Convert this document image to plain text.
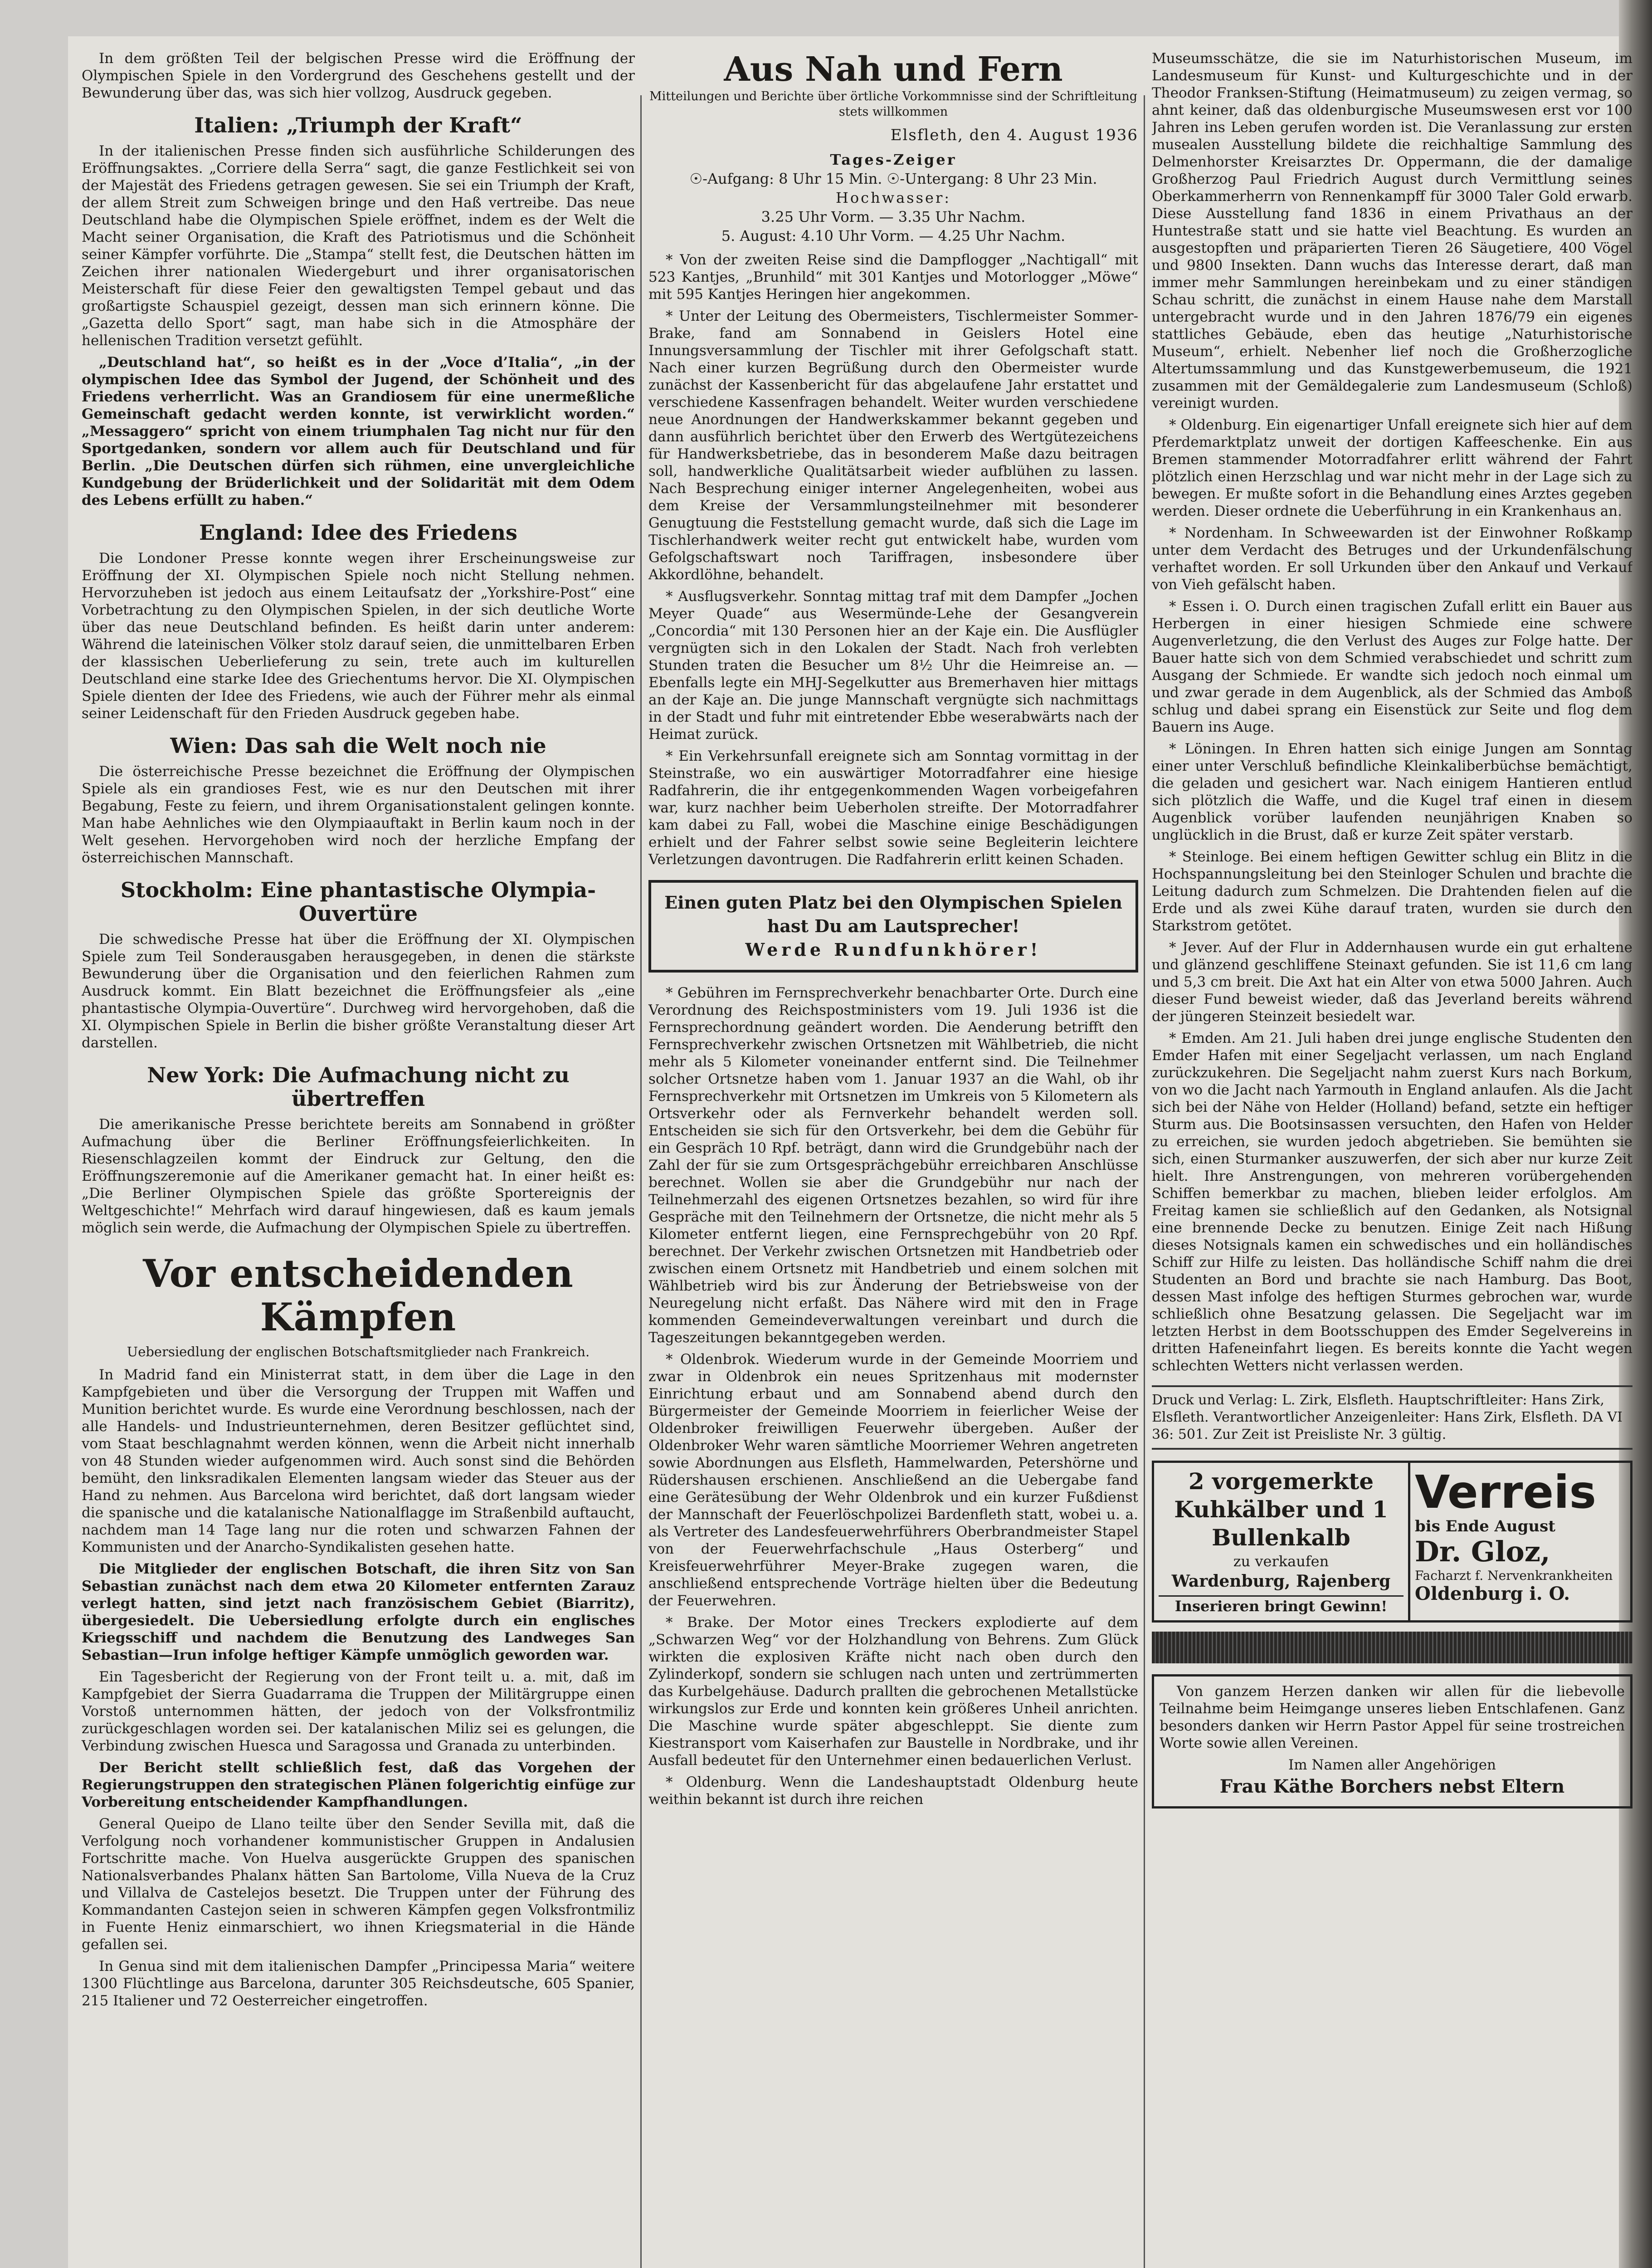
In dem größten Teil der belgischen Presse wird die Eröffnung der Olympischen Spiele in den Vordergrund des Geschehens gestellt und der Bewunderung über das, was sich hier vollzog, Ausdruck gegeben.

Italien: „Triumph der Kraft“

In der italienischen Presse finden sich ausführliche Schilderungen des Eröffnungsaktes. „Corriere della Serra“ sagt, die ganze Festlichkeit sei von der Majestät des Friedens getragen gewesen. Sie sei ein Triumph der Kraft, der allem Streit zum Schweigen bringe und den Haß vertreibe. Das neue Deutschland habe die Olympischen Spiele eröffnet, indem es der Welt die Macht seiner Organisation, die Kraft des Patriotismus und die Schönheit seiner Kämpfer vorführte. Die „Stampa“ stellt fest, die Deutschen hätten im Zeichen ihrer nationalen Wiedergeburt und ihrer organisatorischen Meisterschaft für diese Feier den gewaltigsten Tempel gebaut und das großartigste Schauspiel gezeigt, dessen man sich erinnern könne. Die „Gazetta dello Sport“ sagt, man habe sich in die Atmosphäre der hellenischen Tradition versetzt gefühlt.

„Deutschland hat“, so heißt es in der „Voce d’Italia“, „in der olympischen Idee das Symbol der Jugend, der Schönheit und des Friedens verherrlicht. Was an Grandiosem für eine unermeßliche Gemeinschaft gedacht werden konnte, ist verwirklicht worden.“ „Messaggero“ spricht von einem triumphalen Tag nicht nur für den Sportgedanken, sondern vor allem auch für Deutschland und für Berlin. „Die Deutschen dürfen sich rühmen, eine unvergleichliche Kundgebung der Brüderlichkeit und der Solidarität mit dem Odem des Lebens erfüllt zu haben.“

England: Idee des Friedens

Die Londoner Presse konnte wegen ihrer Erscheinungsweise zur Eröffnung der XI. Olympischen Spiele noch nicht Stellung nehmen. Hervorzuheben ist jedoch aus einem Leitaufsatz der „Yorkshire-Post“ eine Vorbetrachtung zu den Olympischen Spielen, in der sich deutliche Worte über das neue Deutschland befinden. Es heißt darin unter anderem: Während die lateinischen Völker stolz darauf seien, die unmittelbaren Erben der klassischen Ueberlieferung zu sein, trete auch im kulturellen Deutschland eine starke Idee des Griechentums hervor. Die XI. Olympischen Spiele dienten der Idee des Friedens, wie auch der Führer mehr als einmal seiner Leidenschaft für den Frieden Ausdruck gegeben habe.

Wien: Das sah die Welt noch nie

Die österreichische Presse bezeichnet die Eröffnung der Olympischen Spiele als ein grandioses Fest, wie es nur den Deutschen mit ihrer Begabung, Feste zu feiern, und ihrem Organisationstalent gelingen konnte. Man habe Aehnliches wie den Olympiaauftakt in Berlin kaum noch in der Welt gesehen. Hervorgehoben wird noch der herzliche Empfang der österreichischen Mannschaft.

Stockholm: Eine phantastische Olympia-Ouvertüre

Die schwedische Presse hat über die Eröffnung der XI. Olympischen Spiele zum Teil Sonderausgaben herausgegeben, in denen die stärkste Bewunderung über die Organisation und den feierlichen Rahmen zum Ausdruck kommt. Ein Blatt bezeichnet die Eröffnungsfeier als „eine phantastische Olympia-Ouvertüre“. Durchweg wird hervorgehoben, daß die XI. Olympischen Spiele in Berlin die bisher größte Veranstaltung dieser Art darstellen.

New York: Die Aufmachung nicht zu übertreffen

Die amerikanische Presse berichtete bereits am Sonnabend in größter Aufmachung über die Berliner Eröffnungsfeierlichkeiten. In Riesenschlagzeilen kommt der Eindruck zur Geltung, den die Eröffnungszeremonie auf die Amerikaner gemacht hat. In einer heißt es: „Die Berliner Olympischen Spiele das größte Sportereignis der Weltgeschichte!“ Mehrfach wird darauf hingewiesen, daß es kaum jemals möglich sein werde, die Aufmachung der Olympischen Spiele zu übertreffen.

Vor entscheidenden Kämpfen
Uebersiedlung der englischen Botschaftsmitglieder nach Frankreich.

In Madrid fand ein Ministerrat statt, in dem über die Lage in den Kampfgebieten und über die Versorgung der Truppen mit Waffen und Munition berichtet wurde. Es wurde eine Verordnung beschlossen, nach der alle Handels- und Industrieunternehmen, deren Besitzer geflüchtet sind, vom Staat beschlagnahmt werden können, wenn die Arbeit nicht innerhalb von 48 Stunden wieder aufgenommen wird. Auch sonst sind die Behörden bemüht, den linksradikalen Elementen langsam wieder das Steuer aus der Hand zu nehmen. Aus Barcelona wird berichtet, daß dort langsam wieder die spanische und die katalanische Nationalflagge im Straßenbild auftaucht, nachdem man 14 Tage lang nur die roten und schwarzen Fahnen der Kommunisten und der Anarcho-Syndikalisten gesehen hatte.

Die Mitglieder der englischen Botschaft, die ihren Sitz von San Sebastian zunächst nach dem etwa 20 Kilometer entfernten Zarauz verlegt hatten, sind jetzt nach französischem Gebiet (Biarritz), übergesiedelt. Die Uebersiedlung erfolgte durch ein englisches Kriegsschiff und nachdem die Benutzung des Landweges San Sebastian—Irun infolge heftiger Kämpfe unmöglich geworden war.

Ein Tagesbericht der Regierung von der Front teilt u. a. mit, daß im Kampfgebiet der Sierra Guadarrama die Truppen der Militärgruppe einen Vorstoß unternommen hätten, der jedoch von der Volksfrontmiliz zurückgeschlagen worden sei. Der katalanischen Miliz sei es gelungen, die Verbindung zwischen Huesca und Saragossa und Granada zu unterbinden.

Der Bericht stellt schließlich fest, daß das Vorgehen der Regierungstruppen den strategischen Plänen folgerichtig einfüge zur Vorbereitung entscheidender Kampfhandlungen.

General Queipo de Llano teilte über den Sender Sevilla mit, daß die Verfolgung noch vorhandener kommunistischer Gruppen in Andalusien Fortschritte mache. Von Huelva ausgerückte Gruppen des spanischen Nationalsverbandes Phalanx hätten San Bartolome, Villa Nueva de la Cruz und Villalva de Castelejos besetzt. Die Truppen unter der Führung des Kommandanten Castejon seien in schweren Kämpfen gegen Volksfrontmiliz in Fuente Heniz einmarschiert, wo ihnen Kriegsmaterial in die Hände gefallen sei.

In Genua sind mit dem italienischen Dampfer „Principessa Maria“ weitere 1300 Flüchtlinge aus Barcelona, darunter 305 Reichsdeutsche, 605 Spanier, 215 Italiener und 72 Oesterreicher eingetroffen.

Aus Nah und Fern
Mitteilungen und Berichte über örtliche Vorkommnisse sind der Schriftleitung stets willkommen
Elsfleth, den 4. August 1936
Tages-Zeiger
☉-Aufgang: 8 Uhr 15 Min. ☉-Untergang: 8 Uhr 23 Min.
Hochwasser:
3.25 Uhr Vorm. — 3.35 Uhr Nachm.
5. August: 4.10 Uhr Vorm. — 4.25 Uhr Nachm.

* Von der zweiten Reise sind die Dampflogger „Nachtigall“ mit 523 Kantjes, „Brunhild“ mit 301 Kantjes und Motorlogger „Möwe“ mit 595 Kantjes Heringen hier angekommen.

* Unter der Leitung des Obermeisters, Tischlermeister Sommer-Brake, fand am Sonnabend in Geislers Hotel eine Innungsversammlung der Tischler mit ihrer Gefolgschaft statt. Nach einer kurzen Begrüßung durch den Obermeister wurde zunächst der Kassenbericht für das abgelaufene Jahr erstattet und verschiedene Kassenfragen behandelt. Weiter wurden verschiedene neue Anordnungen der Handwerkskammer bekannt gegeben und dann ausführlich berichtet über den Erwerb des Wertgütezeichens für Handwerksbetriebe, das in besonderem Maße dazu beitragen soll, handwerkliche Qualitätsarbeit wieder aufblühen zu lassen. Nach Besprechung einiger interner Angelegenheiten, wobei aus dem Kreise der Versammlungsteilnehmer mit besonderer Genugtuung die Feststellung gemacht wurde, daß sich die Lage im Tischlerhandwerk weiter recht gut entwickelt habe, wurden vom Gefolgschaftswart noch Tariffragen, insbesondere über Akkordlöhne, behandelt.

* Ausflugsverkehr. Sonntag mittag traf mit dem Dampfer „Jochen Meyer Quade“ aus Wesermünde-Lehe der Gesangverein „Concordia“ mit 130 Personen hier an der Kaje ein. Die Ausflügler vergnügten sich in den Lokalen der Stadt. Nach froh verlebten Stunden traten die Besucher um 8½ Uhr die Heimreise an. — Ebenfalls legte ein MHJ-Segelkutter aus Bremerhaven hier mittags an der Kaje an. Die junge Mannschaft vergnügte sich nachmittags in der Stadt und fuhr mit eintretender Ebbe weserabwärts nach der Heimat zurück.

* Ein Verkehrsunfall ereignete sich am Sonntag vormittag in der Steinstraße, wo ein auswärtiger Motorradfahrer eine hiesige Radfahrerin, die ihr entgegenkommenden Wagen vorbeigefahren war, kurz nachher beim Ueberholen streifte. Der Motorradfahrer kam dabei zu Fall, wobei die Maschine einige Beschädigungen erhielt und der Fahrer selbst sowie seine Begleiterin leichtere Verletzungen davontrugen. Die Radfahrerin erlitt keinen Schaden.

Einen guten Platz bei den Olympischen Spielen hast Du am Lautsprecher!
Werde Rundfunkhörer!

* Gebühren im Fernsprechverkehr benachbarter Orte. Durch eine Verordnung des Reichspostministers vom 19. Juli 1936 ist die Fernsprechordnung geändert worden. Die Aenderung betrifft den Fernsprechverkehr zwischen Ortsnetzen mit Wählbetrieb, die nicht mehr als 5 Kilometer voneinander entfernt sind. Die Teilnehmer solcher Ortsnetze haben vom 1. Januar 1937 an die Wahl, ob ihr Fernsprechverkehr mit Ortsnetzen im Umkreis von 5 Kilometern als Ortsverkehr oder als Fernverkehr behandelt werden soll. Entscheiden sie sich für den Ortsverkehr, bei dem die Gebühr für ein Gespräch 10 Rpf. beträgt, dann wird die Grundgebühr nach der Zahl der für sie zum Ortsgesprächgebühr erreichbaren Anschlüsse berechnet. Wollen sie aber die Grundgebühr nur nach der Teilnehmerzahl des eigenen Ortsnetzes bezahlen, so wird für ihre Gespräche mit den Teilnehmern der Ortsnetze, die nicht mehr als 5 Kilometer entfernt liegen, eine Fernsprechgebühr von 20 Rpf. berechnet. Der Verkehr zwischen Ortsnetzen mit Handbetrieb oder zwischen einem Ortsnetz mit Handbetrieb und einem solchen mit Wählbetrieb wird bis zur Änderung der Betriebsweise von der Neuregelung nicht erfaßt. Das Nähere wird mit den in Frage kommenden Gemeindeverwaltungen vereinbart und durch die Tageszeitungen bekanntgegeben werden.

* Oldenbrok. Wiederum wurde in der Gemeinde Moorriem und zwar in Oldenbrok ein neues Spritzenhaus mit modernster Einrichtung erbaut und am Sonnabend abend durch den Bürgermeister der Gemeinde Moorriem in feierlicher Weise der Oldenbroker freiwilligen Feuerwehr übergeben. Außer der Oldenbroker Wehr waren sämtliche Moorriemer Wehren angetreten sowie Abordnungen aus Elsfleth, Hammelwarden, Petershörne und Rüdershausen erschienen. Anschließend an die Uebergabe fand eine Gerätesübung der Wehr Oldenbrok und ein kurzer Fußdienst der Mannschaft der Feuerlöschpolizei Bardenfleth statt, wobei u. a. als Vertreter des Landesfeuerwehrführers Oberbrandmeister Stapel von der Feuerwehrfachschule „Haus Osterberg“ und Kreisfeuerwehrführer Meyer-Brake zugegen waren, die anschließend entsprechende Vorträge hielten über die Bedeutung der Feuerwehren.

* Brake. Der Motor eines Treckers explodierte auf dem „Schwarzen Weg“ vor der Holzhandlung von Behrens. Zum Glück wirkten die explosiven Kräfte nicht nach oben durch den Zylinderkopf, sondern sie schlugen nach unten und zertrümmerten das Kurbelgehäuse. Dadurch prallten die gebrochenen Metallstücke wirkungslos zur Erde und konnten kein größeres Unheil anrichten. Die Maschine wurde später abgeschleppt. Sie diente zum Kiestransport vom Kaiserhafen zur Baustelle in Nordbrake, und ihr Ausfall bedeutet für den Unternehmer einen bedauerlichen Verlust.

* Oldenburg. Wenn die Landeshauptstadt Oldenburg heute weithin bekannt ist durch ihre reichen

Museumsschätze, die sie im Naturhistorischen Museum, im Landesmuseum für Kunst- und Kulturgeschichte und in der Theodor Franksen-Stiftung (Heimatmuseum) zu zeigen vermag, so ahnt keiner, daß das oldenburgische Museumswesen erst vor 100 Jahren ins Leben gerufen worden ist. Die Veranlassung zur ersten musealen Ausstellung bildete die reichhaltige Sammlung des Delmenhorster Kreisarztes Dr. Oppermann, die der damalige Großherzog Paul Friedrich August durch Vermittlung seines Oberkammerherrn von Rennenkampff für 3000 Taler Gold erwarb. Diese Ausstellung fand 1836 in einem Privathaus an der Huntestraße statt und sie hatte viel Beachtung. Es wurden an ausgestopften und präparierten Tieren 26 Säugetiere, 400 Vögel und 9800 Insekten. Dann wuchs das Interesse derart, daß man immer mehr Sammlungen hereinbekam und zu einer ständigen Schau schritt, die zunächst in einem Hause nahe dem Marstall untergebracht wurde und in den Jahren 1876/79 ein eigenes stattliches Gebäude, eben das heutige „Naturhistorische Museum“, erhielt. Nebenher lief noch die Großherzogliche Altertumssammlung und das Kunstgewerbemuseum, die 1921 zusammen mit der Gemäldegalerie zum Landesmuseum (Schloß) vereinigt wurden.

* Oldenburg. Ein eigenartiger Unfall ereignete sich hier auf dem Pferdemarktplatz unweit der dortigen Kaffeeschenke. Ein aus Bremen stammender Motorradfahrer erlitt während der Fahrt plötzlich einen Herzschlag und war nicht mehr in der Lage sich zu bewegen. Er mußte sofort in die Behandlung eines Arztes gegeben werden. Dieser ordnete die Ueberführung in ein Krankenhaus an.

* Nordenham. In Schweewarden ist der Einwohner Roßkamp unter dem Verdacht des Betruges und der Urkundenfälschung verhaftet worden. Er soll Urkunden über den Ankauf und Verkauf von Vieh gefälscht haben.

* Essen i. O. Durch einen tragischen Zufall erlitt ein Bauer aus Herbergen in einer hiesigen Schmiede eine schwere Augenverletzung, die den Verlust des Auges zur Folge hatte. Der Bauer hatte sich von dem Schmied verabschiedet und schritt zum Ausgang der Schmiede. Er wandte sich jedoch noch einmal um und zwar gerade in dem Augenblick, als der Schmied das Amboß schlug und dabei sprang ein Eisenstück zur Seite und flog dem Bauern ins Auge.

* Löningen. In Ehren hatten sich einige Jungen am Sonntag einer unter Verschluß befindliche Kleinkaliberbüchse bemächtigt, die geladen und gesichert war. Nach einigem Hantieren entlud sich plötzlich die Waffe, und die Kugel traf einen in diesem Augenblick vorüber laufenden neunjährigen Knaben so unglücklich in die Brust, daß er kurze Zeit später verstarb.

* Steinloge. Bei einem heftigen Gewitter schlug ein Blitz in die Hochspannungsleitung bei den Steinloger Schulen und brachte die Leitung dadurch zum Schmelzen. Die Drahtenden fielen auf die Erde und als zwei Kühe darauf traten, wurden sie durch den Starkstrom getötet.

* Jever. Auf der Flur in Addernhausen wurde ein gut erhaltene und glänzend geschliffene Steinaxt gefunden. Sie ist 11,6 cm lang und 5,3 cm breit. Die Axt hat ein Alter von etwa 5000 Jahren. Auch dieser Fund beweist wieder, daß das Jeverland bereits während der jüngeren Steinzeit besiedelt war.

* Emden. Am 21. Juli haben drei junge englische Studenten den Emder Hafen mit einer Segeljacht verlassen, um nach England zurückzukehren. Die Segeljacht nahm zuerst Kurs nach Borkum, von wo die Jacht nach Yarmouth in England anlaufen. Als die Jacht sich bei der Nähe von Helder (Holland) befand, setzte ein heftiger Sturm aus. Die Bootsinsassen versuchten, den Hafen von Helder zu erreichen, sie wurden jedoch abgetrieben. Sie bemühten sie sich, einen Sturmanker auszuwerfen, der sich aber nur kurze Zeit hielt. Ihre Anstrengungen, von mehreren vorübergehenden Schiffen bemerkbar zu machen, blieben leider erfolglos. Am Freitag kamen sie schließlich auf den Gedanken, als Notsignal eine brennende Decke zu benutzen. Einige Zeit nach Hißung dieses Notsignals kamen ein schwedisches und ein holländisches Schiff zur Hilfe zu leisten. Das holländische Schiff nahm die drei Studenten an Bord und brachte sie nach Hamburg. Das Boot, dessen Mast infolge des heftigen Sturmes gebrochen war, wurde schließlich ohne Besatzung gelassen. Die Segeljacht war im letzten Herbst in dem Bootsschuppen des Emder Segelvereins in dritten Hafeneinfahrt liegen. Es bereits konnte die Yacht wegen schlechten Wetters nicht verlassen werden.

Druck und Verlag: L. Zirk, Elsfleth. Hauptschriftleiter: Hans Zirk, Elsfleth. Verantwortlicher Anzeigenleiter: Hans Zirk, Elsfleth. DA VI 36: 501. Zur Zeit ist Preisliste Nr. 3 gültig.
2 vorgemerkte Kuhkälber und 1 Bullenkalb
zu verkaufen
Wardenburg, Rajenberg
Inserieren bringt Gewinn!
Verreis
bis Ende August
Dr. Gloz,
Facharzt f. Nervenkrankheiten
Oldenburg i. O.

Von ganzem Herzen danken wir allen für die liebevolle Teilnahme beim Heimgange unseres lieben Entschlafenen. Ganz besonders danken wir Herrn Pastor Appel für seine trostreichen Worte sowie allen Vereinen.

Im Namen aller Angehörigen

Frau Käthe Borchers nebst Eltern
